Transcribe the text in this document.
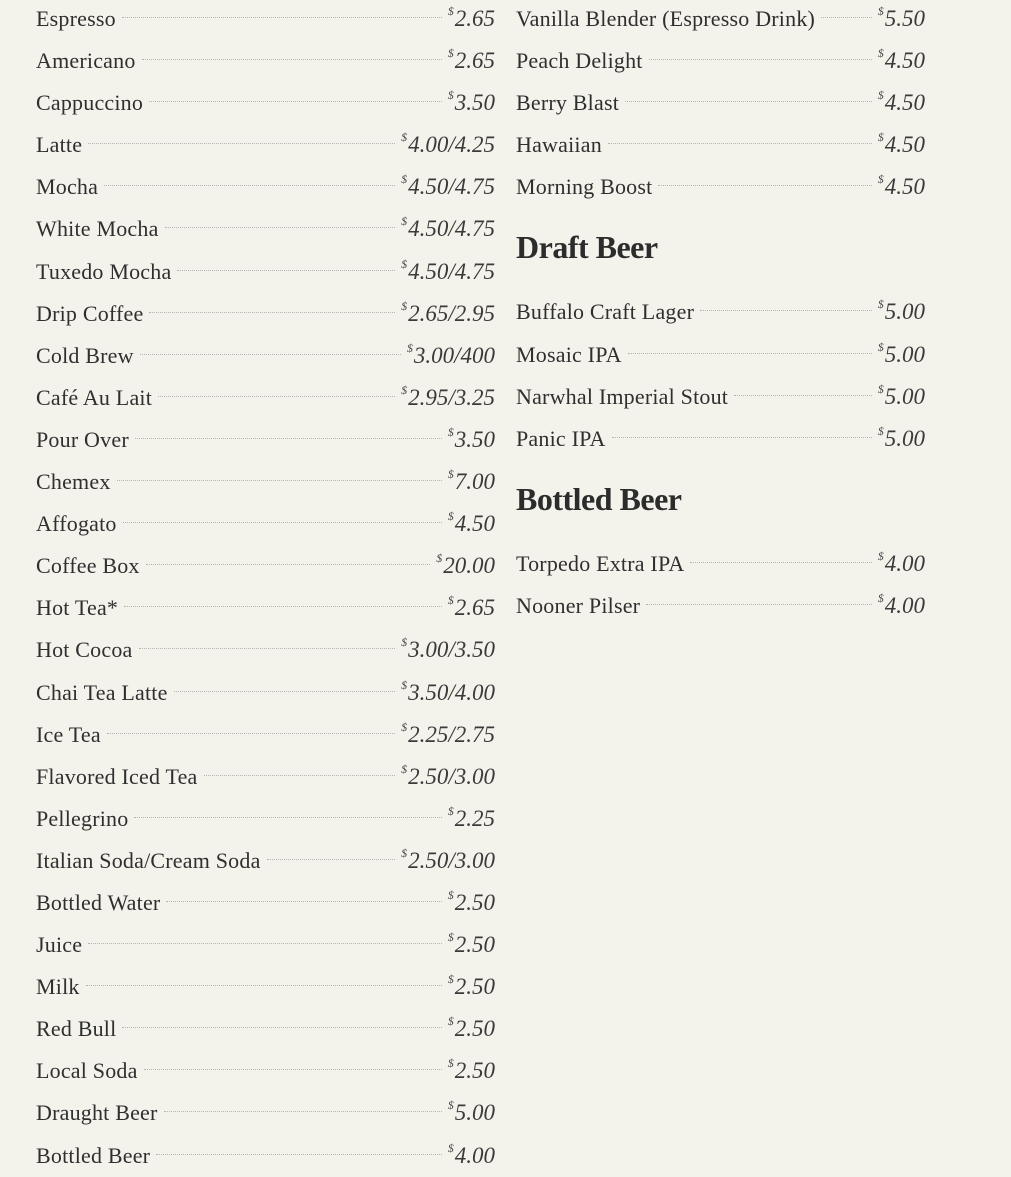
Espresso	$2.65
Americano	$2.65
Cappuccino	$3.50
Latte	$4.00/4.25
Mocha	$4.50/4.75
White Mocha	$4.50/4.75
Tuxedo Mocha	$4.50/4.75
Drip Coffee	$2.65/2.95
Cold Brew	$3.00/400
Café Au Lait	$2.95/3.25
Pour Over	$3.50
Chemex	$7.00
Affogato	$4.50
Coffee Box	$20.00
Hot Tea*	$2.65
Hot Cocoa	$3.00/3.50
Chai Tea Latte	$3.50/4.00
Ice Tea	$2.25/2.75
Flavored Iced Tea	$2.50/3.00
Pellegrino	$2.25
Italian Soda/Cream Soda	$2.50/3.00
Bottled Water	$2.50
Juice	$2.50
Milk	$2.50
Red Bull	$2.50
Local Soda	$2.50
Draught Beer	$5.00
Bottled Beer	$4.00
Vanilla Blender (Espresso Drink)	$5.50
Peach Delight	$4.50
Berry Blast	$4.50
Hawaiian	$4.50
Morning Boost	$4.50
Draft Beer
Buffalo Craft Lager	$5.00
Mosaic IPA	$5.00
Narwhal Imperial Stout	$5.00
Panic IPA	$5.00
Bottled Beer
Torpedo Extra IPA	$4.00
Nooner Pilser	$4.00
